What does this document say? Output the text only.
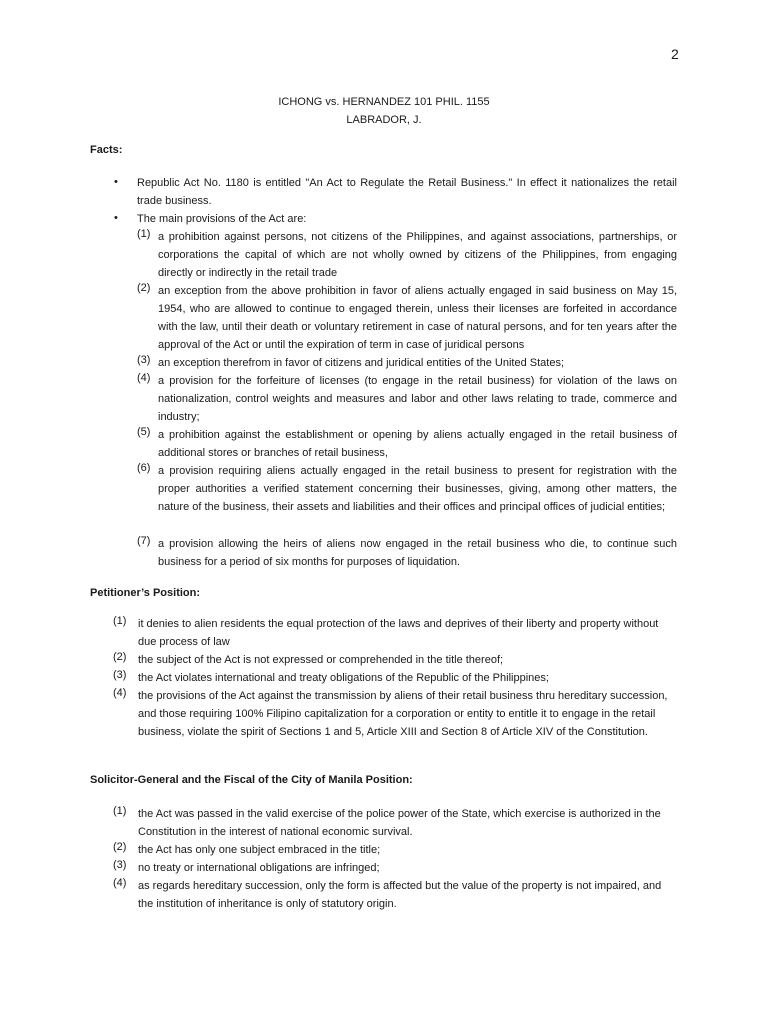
2
ICHONG vs. HERNANDEZ 101 PHIL. 1155
LABRADOR, J.
Facts:
• Republic Act No. 1180 is entitled "An Act to Regulate the Retail Business." In effect it nationalizes the retail trade business.
• The main provisions of the Act are:
(1) a prohibition against persons, not citizens of the Philippines, and against associations, partnerships, or corporations the capital of which are not wholly owned by citizens of the Philippines, from engaging directly or indirectly in the retail trade
(2) an exception from the above prohibition in favor of aliens actually engaged in said business on May 15, 1954, who are allowed to continue to engaged therein, unless their licenses are forfeited in accordance with the law, until their death or voluntary retirement in case of natural persons, and for ten years after the approval of the Act or until the expiration of term in case of juridical persons
(3) an exception therefrom in favor of citizens and juridical entities of the United States;
(4) a provision for the forfeiture of licenses (to engage in the retail business) for violation of the laws on nationalization, control weights and measures and labor and other laws relating to trade, commerce and industry;
(5) a prohibition against the establishment or opening by aliens actually engaged in the retail business of additional stores or branches of retail business,
(6) a provision requiring aliens actually engaged in the retail business to present for registration with the proper authorities a verified statement concerning their businesses, giving, among other matters, the nature of the business, their assets and liabilities and their offices and principal offices of judicial entities;
(7) a provision allowing the heirs of aliens now engaged in the retail business who die, to continue such business for a period of six months for purposes of liquidation.
Petitioner’s Position:
(1) it denies to alien residents the equal protection of the laws and deprives of their liberty and property without due process of law
(2) the subject of the Act is not expressed or comprehended in the title thereof;
(3) the Act violates international and treaty obligations of the Republic of the Philippines;
(4) the provisions of the Act against the transmission by aliens of their retail business thru hereditary succession, and those requiring 100% Filipino capitalization for a corporation or entity to entitle it to engage in the retail business, violate the spirit of Sections 1 and 5, Article XIII and Section 8 of Article XIV of the Constitution.
Solicitor-General and the Fiscal of the City of Manila Position:
(1) the Act was passed in the valid exercise of the police power of the State, which exercise is authorized in the Constitution in the interest of national economic survival.
(2) the Act has only one subject embraced in the title;
(3) no treaty or international obligations are infringed;
(4) as regards hereditary succession, only the form is affected but the value of the property is not impaired, and the institution of inheritance is only of statutory origin.
